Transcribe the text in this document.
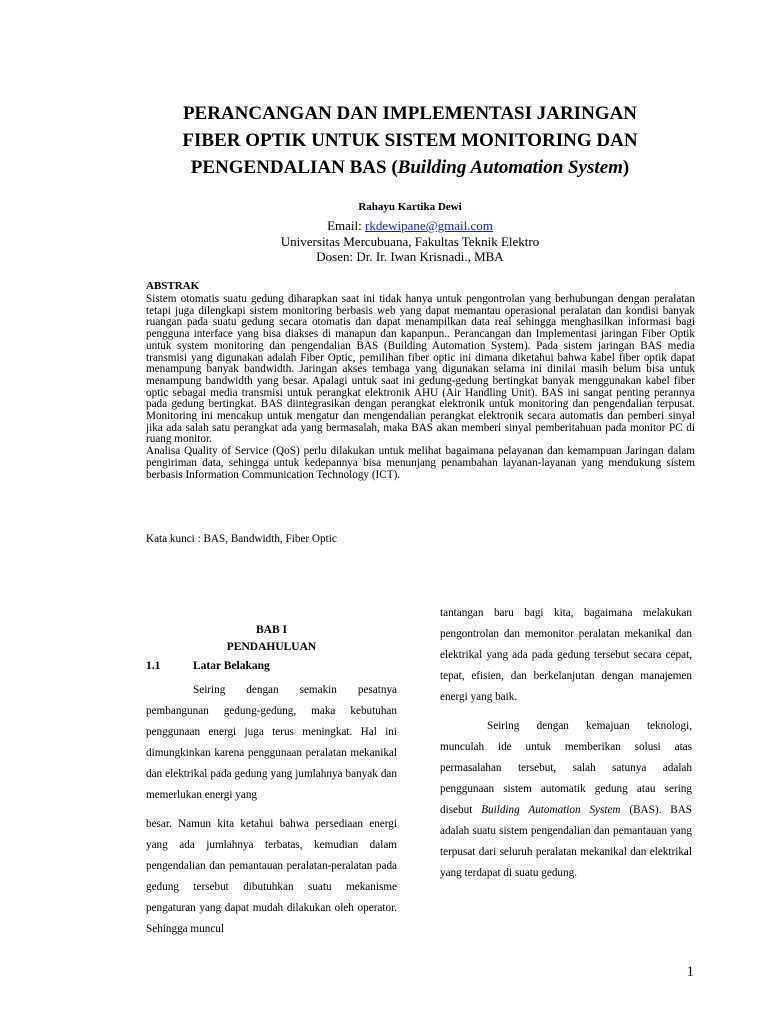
PERANCANGAN DAN IMPLEMENTASI JARINGAN
FIBER OPTIK UNTUK SISTEM MONITORING DAN
PENGENDALIAN BAS (Building Automation System)
Rahayu Kartika Dewi
Email: rkdewipane@gmail.com
Universitas Mercubuana, Fakultas Teknik Elektro
Dosen: Dr. Ir. Iwan Krisnadi., MBA
ABSTRAK

Sistem otomatis suatu gedung diharapkan saat ini tidak hanya untuk pengontrolan yang berhubungan dengan peralatan tetapi juga dilengkapi sistem monitoring berbasis web yang dapat memantau operasional peralatan dan kondisi banyak ruangan pada suatu gedung secara otomatis dan dapat menampilkan data real sehingga menghasilkan informasi bagi pengguna interface yang bisa diakses di manapun dan kapanpun.. Perancangan dan Implementasi jaringan Fiber Optik untuk system monitoring dan pengendalian BAS (Building Automation System). Pada sistem jaringan BAS media transmisi yang digunakan adalah Fiber Optic, pemilihan fiber optic ini dimana diketahui bahwa kabel fiber optik dapat menampung banyak bandwidth. Jaringan akses tembaga yang digunakan selama ini dinilai masih belum bisa untuk menampung bandwidth yang besar. Apalagi untuk saat ini gedung-gedung bertingkat banyak menggunakan kabel fiber optic sebagai media transmisi untuk perangkat elektronik AHU (Air Handling Unit). BAS ini sangat penting perannya pada gedung bertingkat. BAS diintegrasikan dengan perangkat elektronik untuk monitoring dan pengendalian terpusat. Monitoring ini mencakup untuk mengatur dan mengendalian perangkat elektronik secara automatis dan pemberi sinyal jika ada salah satu perangkat ada yang bermasalah, maka BAS akan memberi sinyal pemberitahuan pada monitor PC di ruang monitor.

Analisa Quality of Service (QoS) perlu dilakukan untuk melihat bagaimana pelayanan dan kemampuan Jaringan dalam pengiriman data, sehingga untuk kedepannya bisa menunjang penambahan layanan-layanan yang mendukung sistem berbasis Information Communication Technology (ICT).

Kata kunci : BAS, Bandwidth, Fiber Optic
BAB I
PENDAHULUAN
1.1	Latar Belakang

Seiring dengan semakin pesatnya pembangunan gedung-gedung, maka kebutuhan penggunaan energi juga terus meningkat. Hal ini dimungkinkan karena penggunaan peralatan mekanikal dan elektrikal pada gedung yang jumlahnya banyak dan memerlukan energi yang

besar. Namun kita ketahui bahwa persediaan energi yang ada jumlahnya terbatas, kemudian dalam pengendalian dan pemantauan peralatan-peralatan pada gedung tersebut dibutuhkan suatu mekanisme pengaturan yang dapat mudah dilakukan oleh operator. Sehingga muncul

tantangan baru bagi kita, bagaimana melakukan pengontrolan dan memonitor peralatan mekanikal dan elektrikal yang ada pada gedung tersebut secara cepat, tepat, efisien, dan berkelanjutan dengan manajemen energi yang baik.

Seiring dengan kemajuan teknologi, munculah ide untuk memberikan solusi atas permasalahan tersebut, salah satunya adalah penggunaan sistem automatik gedung atau sering disebut Building Automation System (BAS). BAS adalah suatu sistem pengendalian dan pemantauan yang terpusat dari seluruh peralatan mekanikal dan elektrikal yang terdapat di suatu gedung.

1
